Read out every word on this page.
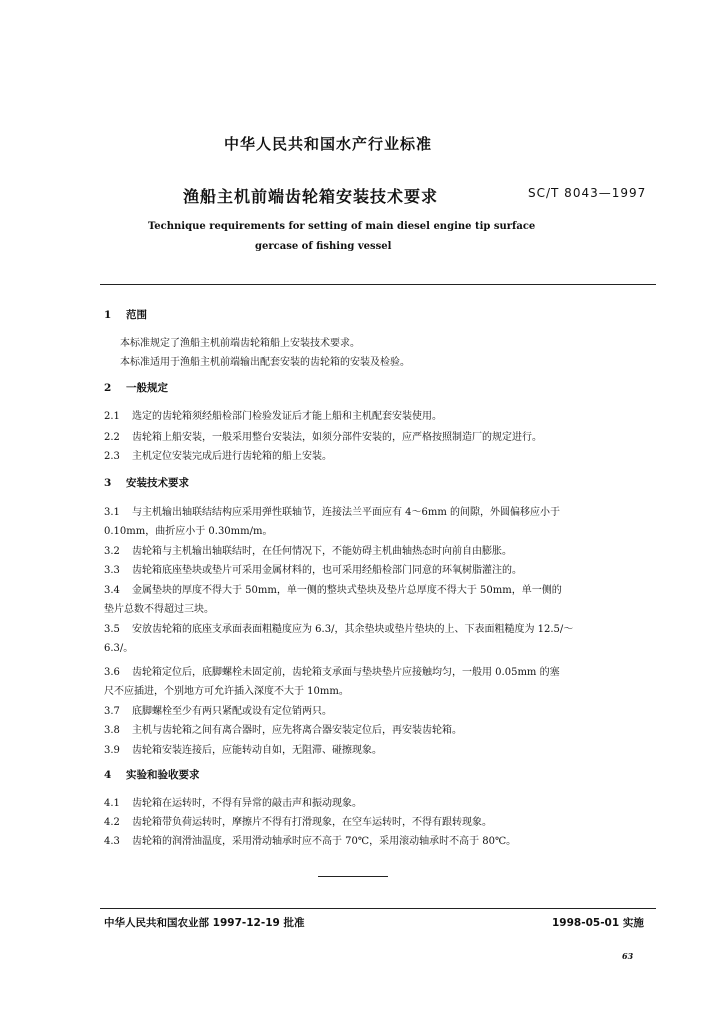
中华人民共和国水产行业标准
渔船主机前端齿轮箱安装技术要求	SC/T 8043—1997
Technique requirements for setting of main diesel engine tip surface
gercase of fishing vessel
1 范围
本标准规定了渔船主机前端齿轮箱船上安装技术要求。
本标准适用于渔船主机前端输出配套安装的齿轮箱的安装及检验。
2 一般规定
2.1 选定的齿轮箱须经船检部门检验发证后才能上船和主机配套安装使用。
2.2 齿轮箱上船安装，一般采用整台安装法，如须分部件安装的，应严格按照制造厂的规定进行。
2.3 主机定位安装完成后进行齿轮箱的船上安装。
3 安装技术要求
3.1 与主机输出轴联结结构应采用弹性联轴节，连接法兰平面应有 4～6mm 的间隙，外圆偏移应小于
0.10mm，曲折应小于 0.30mm/m。
3.2 齿轮箱与主机输出轴联结时，在任何情况下，不能妨碍主机曲轴热态时向前自由膨胀。
3.3 齿轮箱底座垫块或垫片可采用金属材料的，也可采用经船检部门同意的环氧树脂灌注的。
3.4 金属垫块的厚度不得大于 50mm，单一侧的整块式垫块及垫片总厚度不得大于 50mm，单一侧的
垫片总数不得超过三块。
3.5 安放齿轮箱的底座支承面表面粗糙度应为 6.3/，其余垫块或垫片垫块的上、下表面粗糙度为 12.5/～
6.3/。
3.6 齿轮箱定位后，底脚螺栓未固定前，齿轮箱支承面与垫块垫片应接触均匀，一般用 0.05mm 的塞
尺不应插进，个别地方可允许插入深度不大于 10mm。
3.7 底脚螺栓至少有两只紧配或设有定位销两只。
3.8 主机与齿轮箱之间有离合器时，应先将离合器安装定位后，再安装齿轮箱。
3.9 齿轮箱安装连接后，应能转动自如，无阻滞、碰擦现象。
4 实验和验收要求
4.1 齿轮箱在运转时，不得有异常的敲击声和振动现象。
4.2 齿轮箱带负荷运转时，摩擦片不得有打滑现象，在空车运转时，不得有跟转现象。
4.3 齿轮箱的润滑油温度，采用滑动轴承时应不高于 70℃，采用滚动轴承时不高于 80℃。
中华人民共和国农业部 1997-12-19 批准	1998-05-01 实施
63
